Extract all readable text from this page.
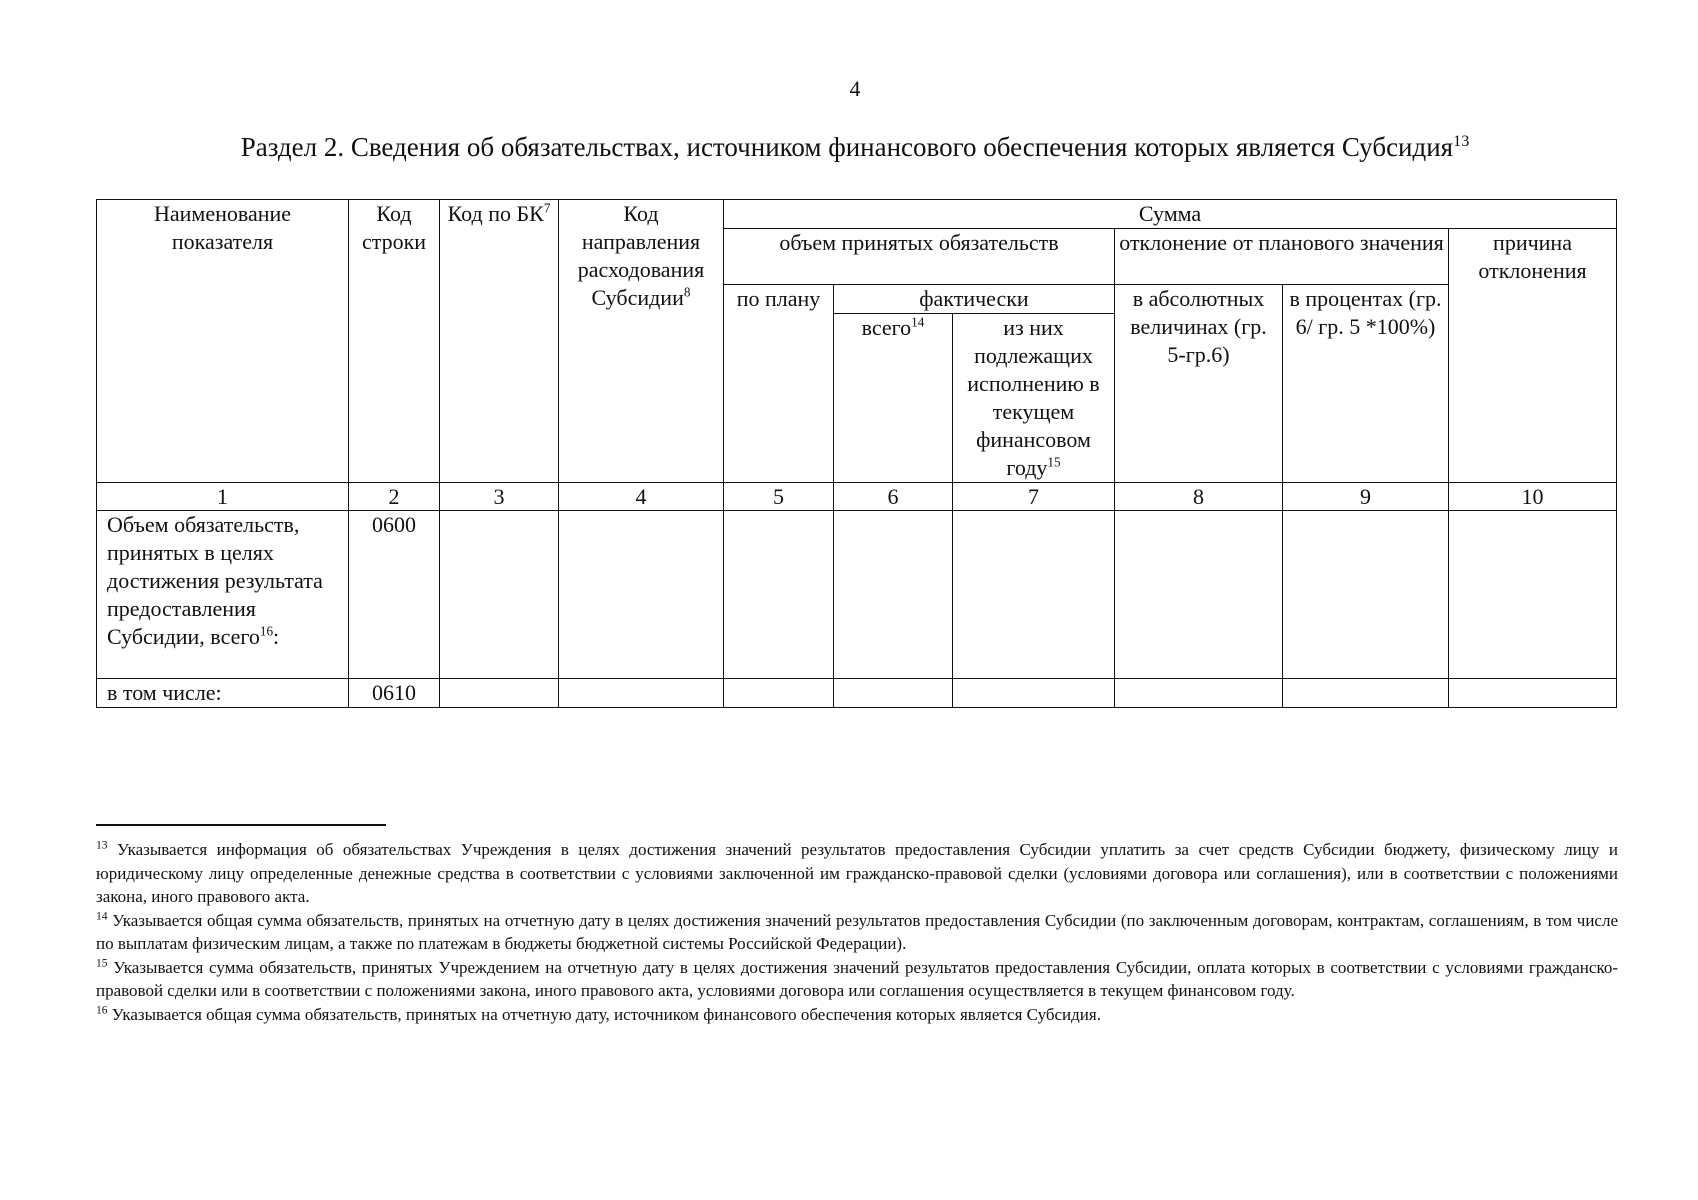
4
Раздел 2. Сведения об обязательствах, источником финансового обеспечения которых является Субсидия$^{13}$
Наименование показателя	Код строки	Код по $БК^7$	Код направления расходования Субсидии$^8$	Сумма					
				объем принятых обязательств			отклонение от планового значения		причина отклонения
				по плану	фактически		в абсолютных величинах (гр. 5-гр.6)	в процентах (гр. 6/ гр. 5 *100%)	
					всего$^{14}$	из них подлежащих исполнению в текущем финансовом году$^{15}$
1	2	3	4	5	6	7	8	9	10
Объем обязательств, принятых в целях достижения результата предоставления Субсидии, всего$^{16}$:	0600								
в том числе:	0610								

$^{13}$ Указывается информация об обязательствах Учреждения в целях достижения значений результатов предоставления Субсидии уплатить за счет средств Субсидии бюджету, физическому лицу и юридическому лицу определенные денежные средства в соответствии с условиями заключенной им гражданско-правовой сделки (условиями договора или соглашения), или в соответствии с положениями закона, иного правового акта.

$^{14}$ Указывается общая сумма обязательств, принятых на отчетную дату в целях достижения значений результатов предоставления Субсидии (по заключенным договорам, контрактам, соглашениям, в том числе по выплатам физическим лицам, а также по платежам в бюджеты бюджетной системы Российской Федерации).

$^{15}$ Указывается сумма обязательств, принятых Учреждением на отчетную дату в целях достижения значений результатов предоставления Субсидии, оплата которых в соответствии с условиями гражданско-правовой сделки или в соответствии с положениями закона, иного правового акта, условиями договора или соглашения осуществляется в текущем финансовом году.

$^{16}$ Указывается общая сумма обязательств, принятых на отчетную дату, источником финансового обеспечения которых является Субсидия.
